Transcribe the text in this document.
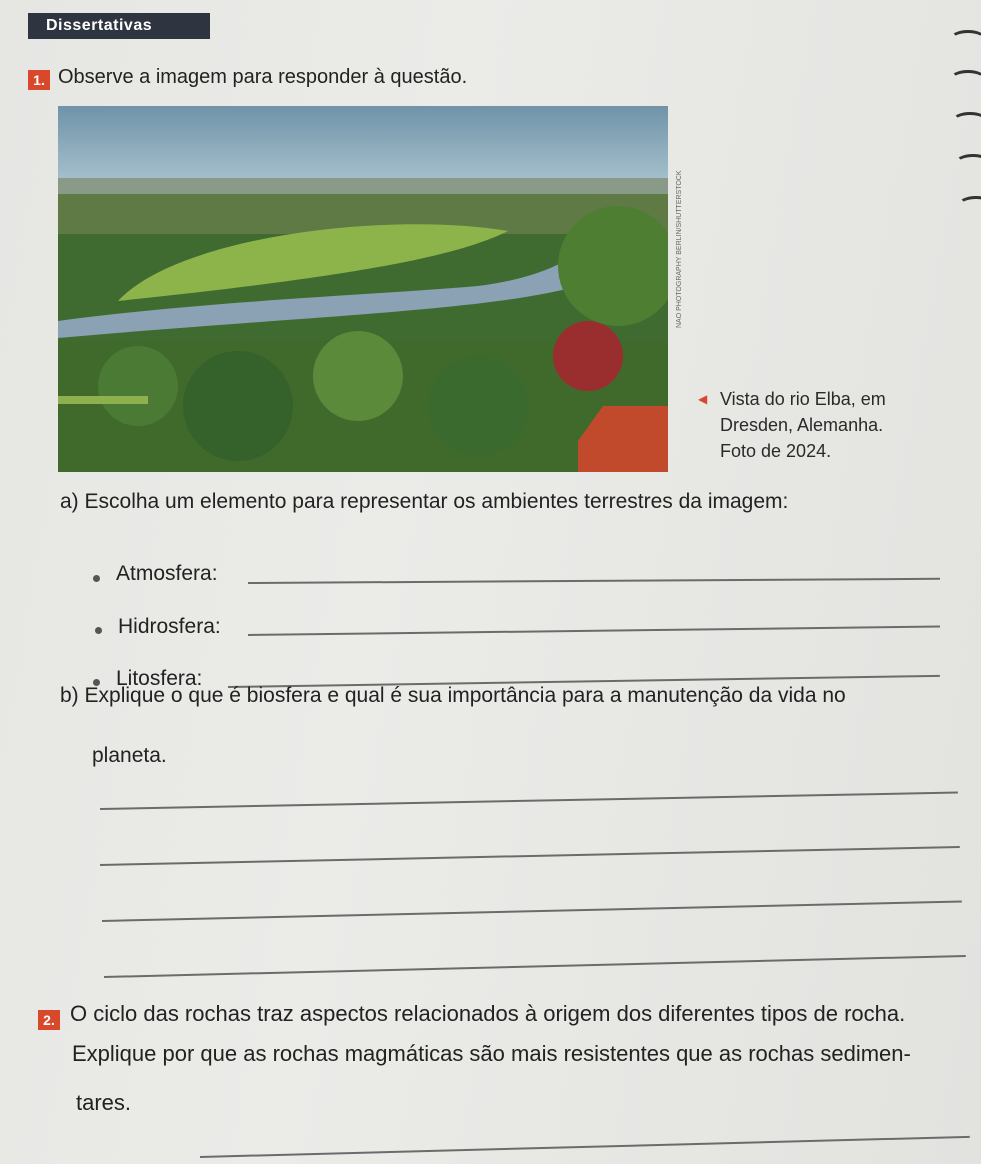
Dissertativas
1. Observe a imagem para responder à questão.
NAO PHOTOGRAPHY BERLIN/SHUTTERSTOCK
◀ Vista do rio Elba, em
Dresden, Alemanha.
Foto de 2024.
a) Escolha um elemento para representar os ambientes terrestres da imagem:
Atmosfera:
Hidrosfera:
Litosfera:
b) Explique o que é biosfera e qual é sua importância para a manutenção da vida no
planeta.
2. O ciclo das rochas traz aspectos relacionados à origem dos diferentes tipos de rocha.
Explique por que as rochas magmáticas são mais resistentes que as rochas sedimen-
tares.
